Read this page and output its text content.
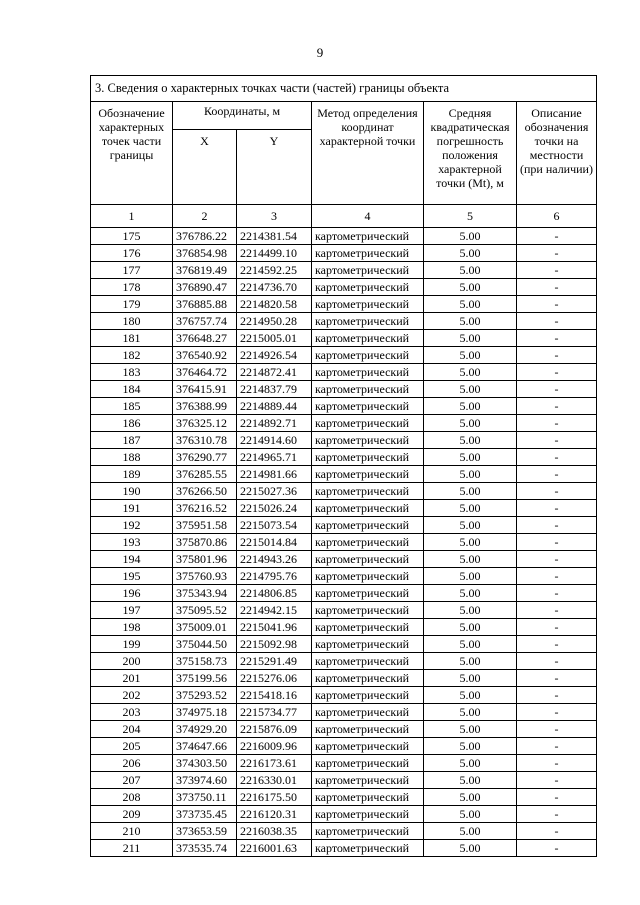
9
3. Сведения о характерных точках части (частей) границы объекта					
Обозначение характерных точек части границы	Координаты, м		Метод определения координат характерной точки	Средняя квадратическая погрешность положения характерной точки (Mt), м	Описание обозначения точки на местности (при наличии)
	X	Y			
1	2	3	4	5	6
175	376786.22	2214381.54	картометрический	5.00	-
176	376854.98	2214499.10	картометрический	5.00	-
177	376819.49	2214592.25	картометрический	5.00	-
178	376890.47	2214736.70	картометрический	5.00	-
179	376885.88	2214820.58	картометрический	5.00	-
180	376757.74	2214950.28	картометрический	5.00	-
181	376648.27	2215005.01	картометрический	5.00	-
182	376540.92	2214926.54	картометрический	5.00	-
183	376464.72	2214872.41	картометрический	5.00	-
184	376415.91	2214837.79	картометрический	5.00	-
185	376388.99	2214889.44	картометрический	5.00	-
186	376325.12	2214892.71	картометрический	5.00	-
187	376310.78	2214914.60	картометрический	5.00	-
188	376290.77	2214965.71	картометрический	5.00	-
189	376285.55	2214981.66	картометрический	5.00	-
190	376266.50	2215027.36	картометрический	5.00	-
191	376216.52	2215026.24	картометрический	5.00	-
192	375951.58	2215073.54	картометрический	5.00	-
193	375870.86	2215014.84	картометрический	5.00	-
194	375801.96	2214943.26	картометрический	5.00	-
195	375760.93	2214795.76	картометрический	5.00	-
196	375343.94	2214806.85	картометрический	5.00	-
197	375095.52	2214942.15	картометрический	5.00	-
198	375009.01	2215041.96	картометрический	5.00	-
199	375044.50	2215092.98	картометрический	5.00	-
200	375158.73	2215291.49	картометрический	5.00	-
201	375199.56	2215276.06	картометрический	5.00	-
202	375293.52	2215418.16	картометрический	5.00	-
203	374975.18	2215734.77	картометрический	5.00	-
204	374929.20	2215876.09	картометрический	5.00	-
205	374647.66	2216009.96	картометрический	5.00	-
206	374303.50	2216173.61	картометрический	5.00	-
207	373974.60	2216330.01	картометрический	5.00	-
208	373750.11	2216175.50	картометрический	5.00	-
209	373735.45	2216120.31	картометрический	5.00	-
210	373653.59	2216038.35	картометрический	5.00	-
211	373535.74	2216001.63	картометрический	5.00	-
